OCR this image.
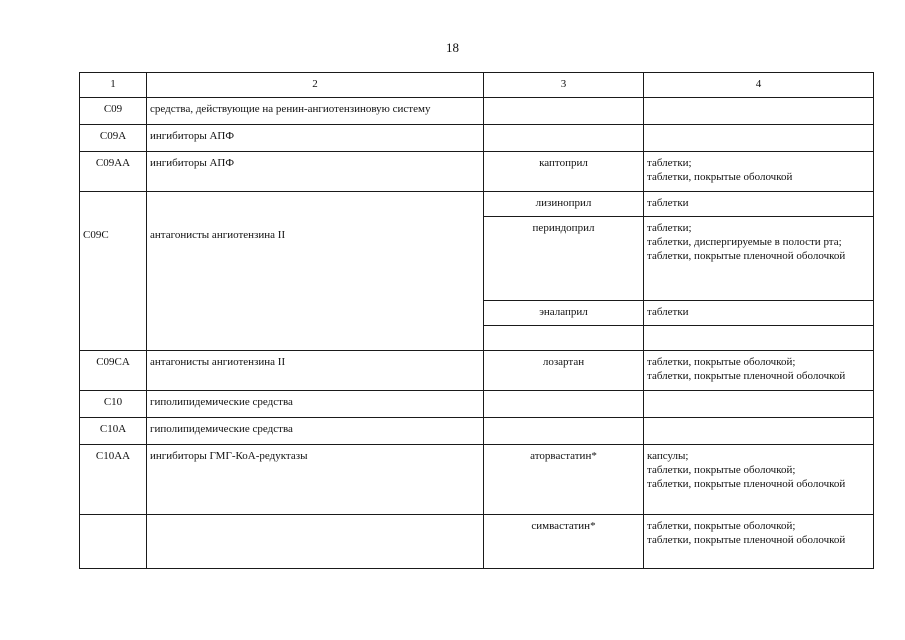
18
1	2	3	4
C09	средства, действующие на ренин-ангиотензиновую систему		
C09A	ингибиторы АПФ		
C09AA	ингибиторы АПФ	каптоприл	таблетки;
таблетки, покрытые оболочкой
C09C	антагонисты ангиотензина II	лизиноприл	таблетки
		периндоприл	таблетки;
таблетки, диспергируемые в полости рта;
таблетки, покрытые пленочной оболочкой
		эналаприл	таблетки

C09CA	антагонисты ангиотензина II	лозартан	таблетки, покрытые оболочкой;
таблетки, покрытые пленочной оболочкой
C10	гиполипидемические средства		
C10A	гиполипидемические средства		
C10AA	ингибиторы ГМГ-КоА-редуктазы	аторвастатин*	капсулы;
таблетки, покрытые оболочкой;
таблетки, покрытые пленочной оболочкой
		симвастатин*	таблетки, покрытые оболочкой;
таблетки, покрытые пленочной оболочкой
